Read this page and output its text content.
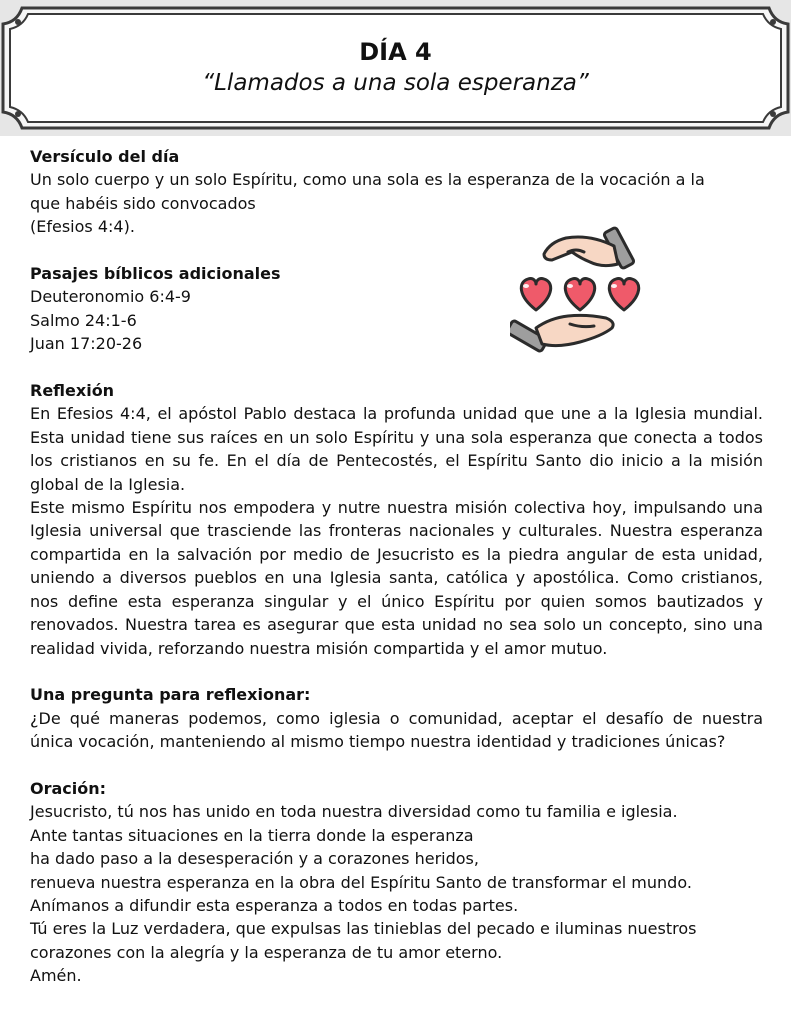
DÍA 4
“Llamados a una sola esperanza”

Versículo del día

Un solo cuerpo y un solo Espíritu, como una sola es la esperanza de la vocación a la

que habéis sido convocados

(Efesios 4:4).

Pasajes bíblicos adicionales

Deuteronomio 6:4-9

Salmo 24:1-6

Juan 17:20-26

Reflexión

En Efesios 4:4, el apóstol Pablo destaca la profunda unidad que une a la Iglesia mundial. Esta unidad tiene sus raíces en un solo Espíritu y una sola esperanza que conecta a todos los cristianos en su fe. En el día de Pentecostés, el Espíritu Santo dio inicio a la misión global de la Iglesia.

Este mismo Espíritu nos empodera y nutre nuestra misión colectiva hoy, impulsando una Iglesia universal que trasciende las fronteras nacionales y culturales. Nuestra esperanza compartida en la salvación por medio de Jesucristo es la piedra angular de esta unidad, uniendo a diversos pueblos en una Iglesia santa, católica y apostólica. Como cristianos, nos define esta esperanza singular y el único Espíritu por quien somos bautizados y renovados. Nuestra tarea es asegurar que esta unidad no sea solo un concepto, sino una realidad vivida, reforzando nuestra misión compartida y el amor mutuo.

Una pregunta para reflexionar:

¿De qué maneras podemos, como iglesia o comunidad, aceptar el desafío de nuestra única vocación, manteniendo al mismo tiempo nuestra identidad y tradiciones únicas?

Oración:

Jesucristo, tú nos has unido en toda nuestra diversidad como tu familia e iglesia.

Ante tantas situaciones en la tierra donde la esperanza

ha dado paso a la desesperación y a corazones heridos,

renueva nuestra esperanza en la obra del Espíritu Santo de transformar el mundo.

Anímanos a difundir esta esperanza a todos en todas partes.

Tú eres la Luz verdadera, que expulsas las tinieblas del pecado e iluminas nuestros

corazones con la alegría y la esperanza de tu amor eterno.

Amén.
